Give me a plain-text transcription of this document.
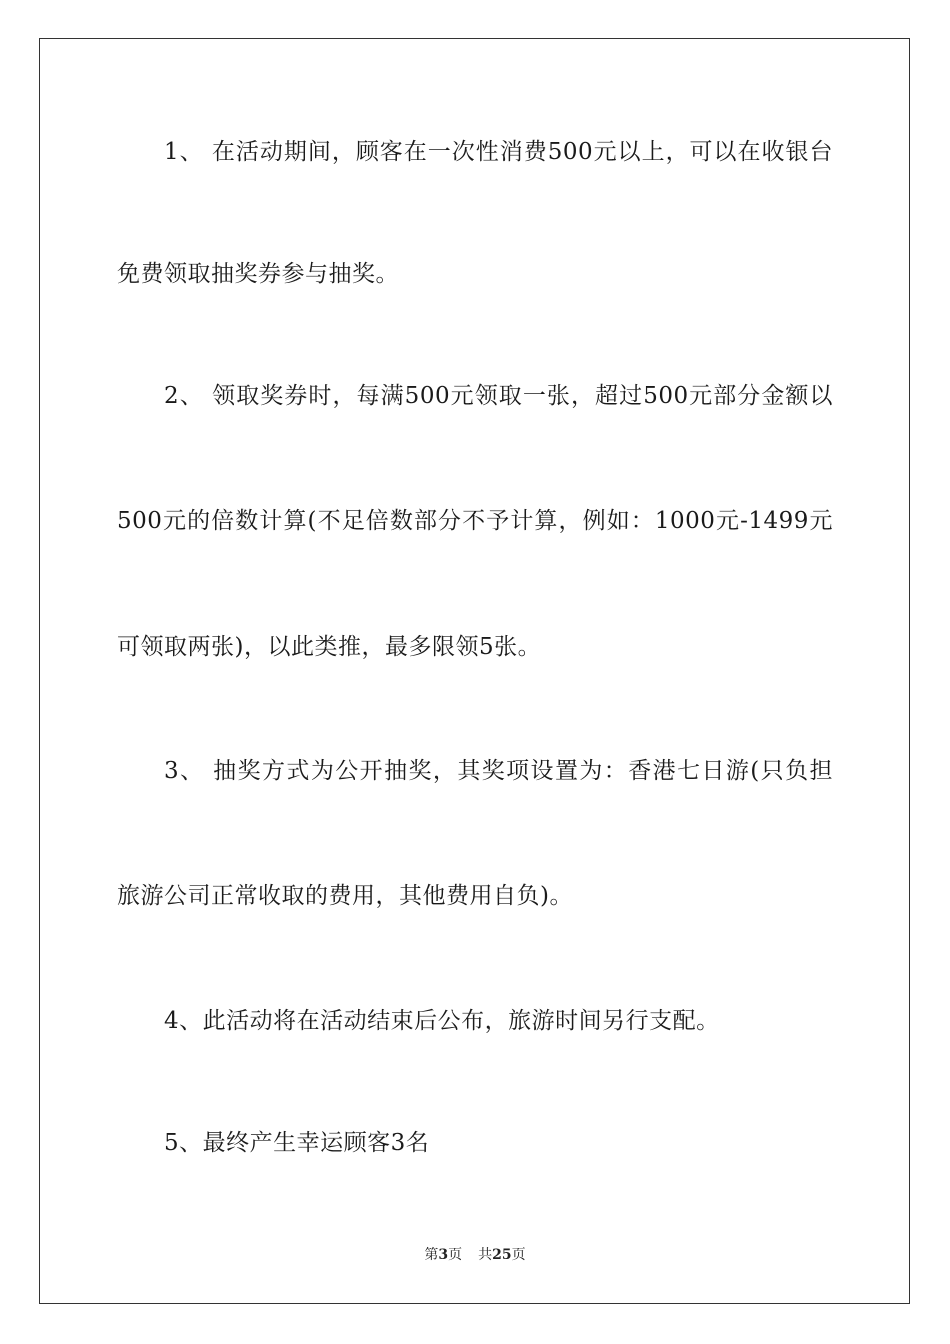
1、 在活动期间，顾客在一次性消费500元以上，可以在收银台
免费领取抽奖券参与抽奖。
2、 领取奖券时，每满500元领取一张，超过500元部分金额以
500元的倍数计算(不足倍数部分不予计算，例如：1000元-1499元
可领取两张)，以此类推，最多限领5张。
3、 抽奖方式为公开抽奖，其奖项设置为：香港七日游(只负担
旅游公司正常收取的费用，其他费用自负)。
4、此活动将在活动结束后公布，旅游时间另行支配。
5、最终产生幸运顾客3名
第3页 共25页
